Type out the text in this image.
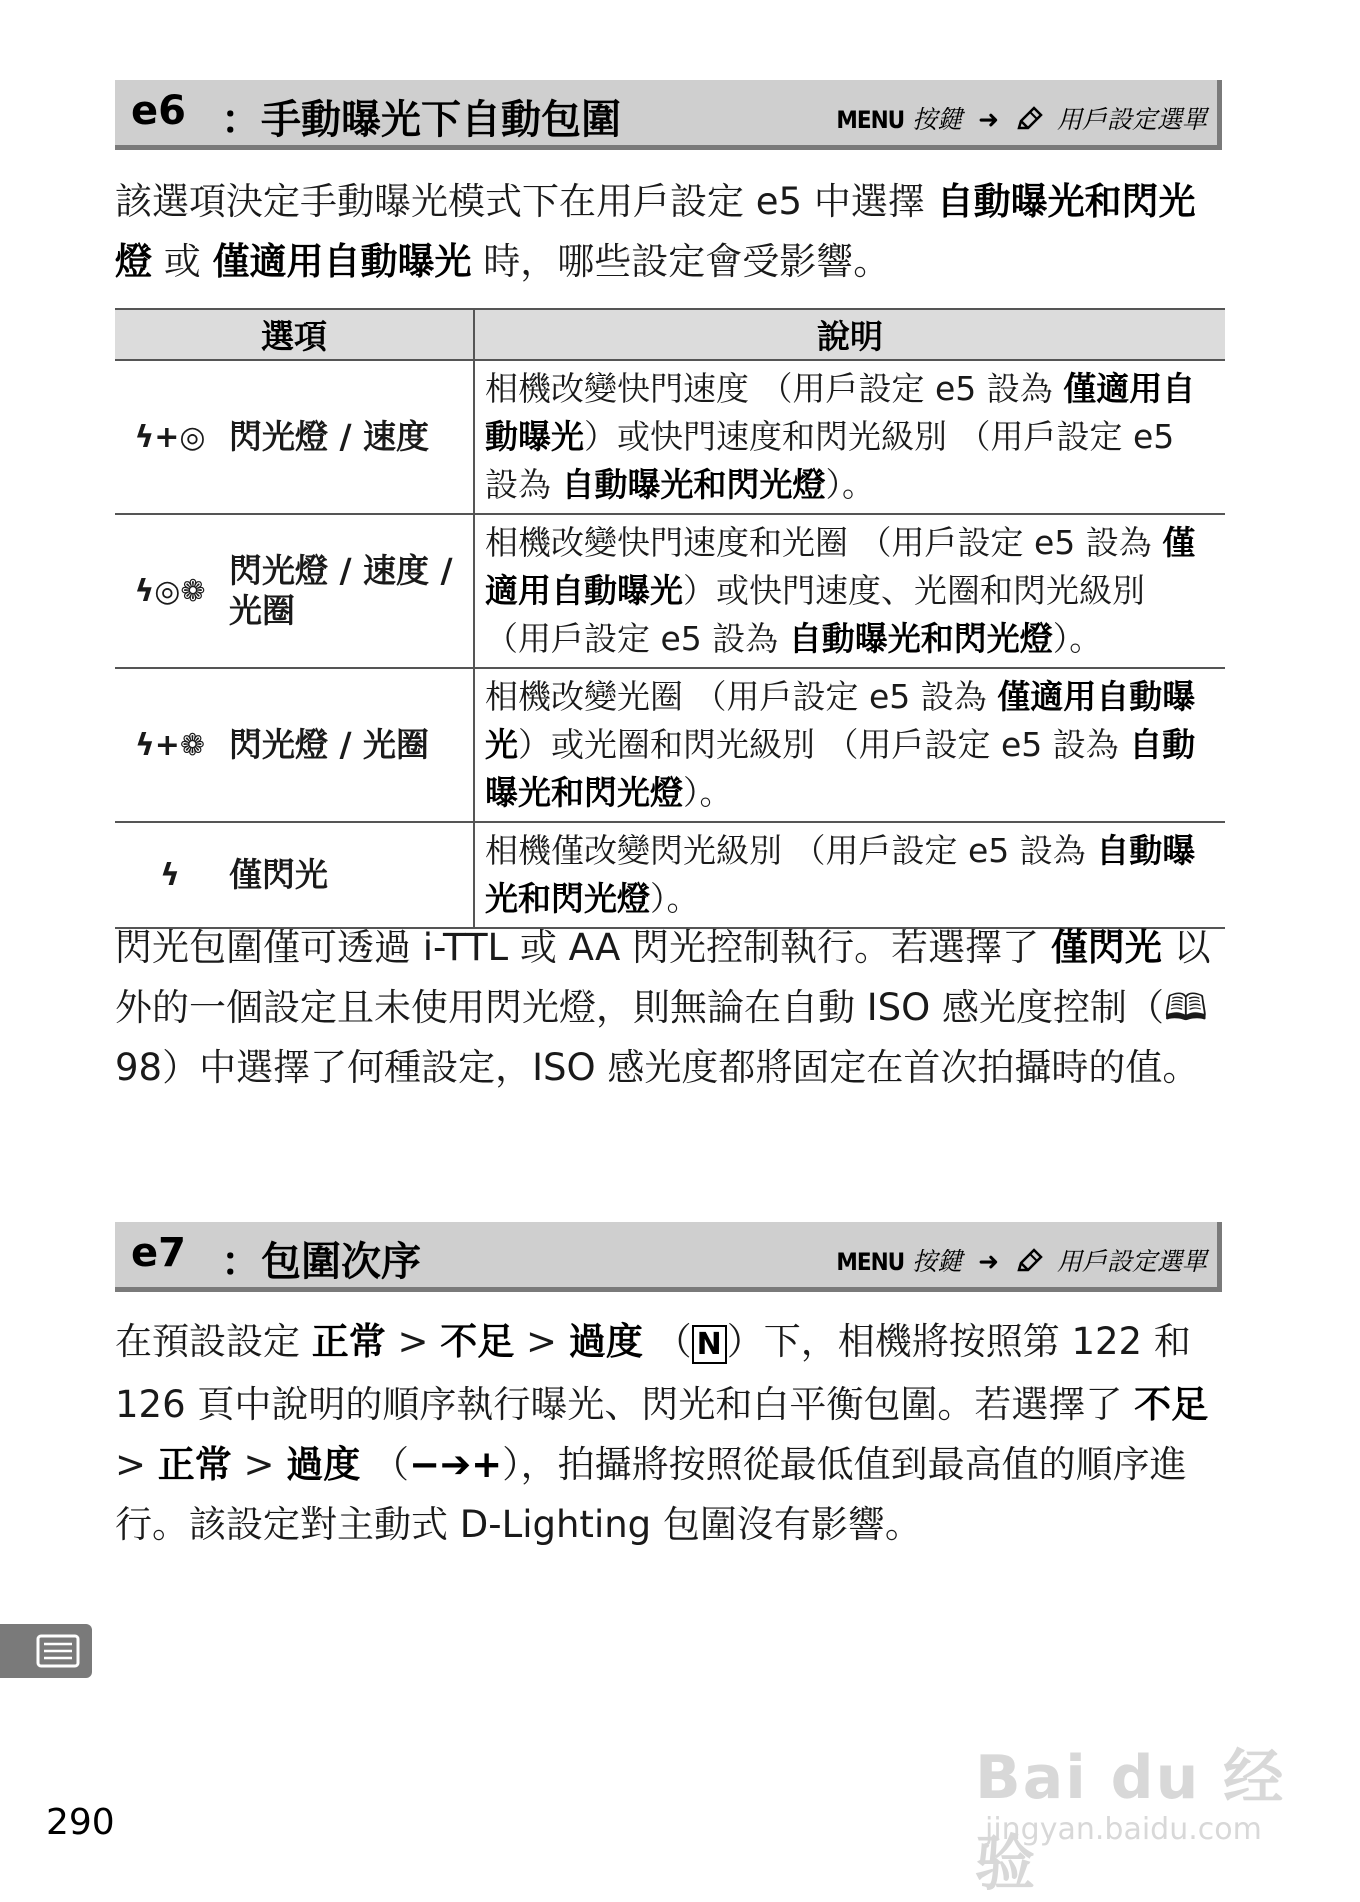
e6 ：手動曝光下自動包圍	MENU 按鍵 ➜ 用戶設定選單
該選項決定手動曝光模式下在用戶設定 e5 中選擇 自動曝光和閃光燈 或 僅適用自動曝光 時，哪些設定會受影響。
選項		說明
ϟ+◎	閃光燈 / 速度	相機改變快門速度 （用戶設定 e5 設為 僅適用自動曝光）或快門速度和閃光級別 （用戶設定 e5 設為 自動曝光和閃光燈）。
ϟ◎❁	閃光燈 / 速度 / 光圈	相機改變快門速度和光圈 （用戶設定 e5 設為 僅適用自動曝光）或快門速度、光圈和閃光級別 （用戶設定 e5 設為 自動曝光和閃光燈）。
ϟ+❁	閃光燈 / 光圈	相機改變光圈 （用戶設定 e5 設為 僅適用自動曝光）或光圈和閃光級別 （用戶設定 e5 設為 自動曝光和閃光燈）。
ϟ	僅閃光	相機僅改變閃光級別 （用戶設定 e5 設為 自動曝光和閃光燈）。
閃光包圍僅可透過 i-TTL 或 AA 閃光控制執行。若選擇了 僅閃光 以外的一個設定且未使用閃光燈，則無論在自動 ISO 感光度控制（🕮 98）中選擇了何種設定，ISO 感光度都將固定在首次拍攝時的值。
e7 ：包圍次序	MENU 按鍵 ➜ 用戶設定選單
在預設設定 正常 > 不足 > 過度 （ N ）下，相機將按照第 122 和 126 頁中說明的順序執行曝光、閃光和白平衡包圍。若選擇了 不足 > 正常 > 過度 （−➔+），拍攝將按照從最低值到最高值的順序進行。該設定對主動式 D-Lighting 包圍沒有影響。
290
Bai du 经验
jingyan.baidu.com
